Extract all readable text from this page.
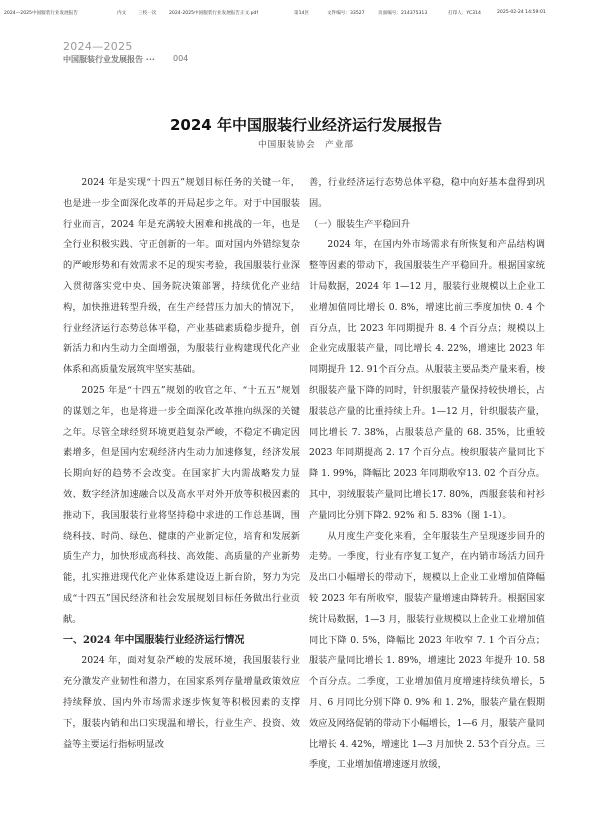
2024—2025中国服装行业发展报告	内文	三校一次	2024-2025中国服装行业发展报告正文.pdf	第14区	文件编号：33527	页面编号：214375313	打印人：YC314	2025-02-24 14:59:01
2024—2025
中国服装行业发展报告 ··· 004
2024 年中国服装行业经济运行发展报告
中国服装协会　产业部

2024 年是实现“十四五”规划目标任务的关键一年，也是进一步全面深化改革的开局起步之年。对于中国服装行业而言，2024 年是充满较大困难和挑战的一年，也是全行业积极实践、守正创新的一年。面对国内外错综复杂的严峻形势和有效需求不足的现实考验，我国服装行业深入贯彻落实党中央、国务院决策部署，持续优化产业结构，加快推进转型升级，在生产经营压力加大的情况下，行业经济运行态势总体平稳，产业基础素质稳步提升，创新活力和内生动力全面增强，为服装行业构建现代化产业体系和高质量发展筑牢坚实基础。

2025 年是“十四五”规划的收官之年、“十五五”规划的谋划之年，也是将进一步全面深化改革推向纵深的关键之年。尽管全球经贸环境更趋复杂严峻，不稳定不确定因素增多，但是国内宏观经济内生动力加速修复，经济发展长期向好的趋势不会改变。在国家扩大内需战略发力显效、数字经济加速融合以及高水平对外开放等积极因素的推动下，我国服装行业将坚持稳中求进的工作总基调，围绕科技、时尚、绿色、健康的产业新定位，培育和发展新质生产力，加快形成高科技、高效能、高质量的产业新势能，扎实推进现代化产业体系建设迈上新台阶，努力为完成“十四五”国民经济和社会发展规划目标任务做出行业贡献。

一、2024 年中国服装行业经济运行情况

2024 年，面对复杂严峻的发展环境，我国服装行业充分激发产业韧性和潜力，在国家系列存量增量政策效应持续释放、国内外市场需求逐步恢复等积极因素的支撑下，服装内销和出口实现温和增长，行业生产、投资、效益等主要运行指标明显改

善，行业经济运行态势总体平稳，稳中向好基本盘得到巩固。

（一）服装生产平稳回升

2024 年，在国内外市场需求有所恢复和产品结构调整等因素的带动下，我国服装生产平稳回升。根据国家统计局数据，2024 年 1—12 月，服装行业规模以上企业工业增加值同比增长 0. 8%，增速比前三季度加快 0. 4 个百分点，比 2023 年同期提升 8. 4 个百分点；规模以上企业完成服装产量，同比增长 4. 22%，增速比 2023 年同期提升 12. 91个百分点。从服装主要品类产量来看，梭织服装产量下降的同时，针织服装产量保持较快增长，占服装总产量的比重持续上升。1—12 月，针织服装产量，同比增长 7. 38%，占服装总产量的 68. 35%，比重较 2023 年同期提高 2. 17 个百分点。梭织服装产量同比下降 1. 99%，降幅比 2023 年同期收窄13. 02 个百分点。其中，羽绒服装产量同比增长17. 80%，西服套装和衬衫产量同比分别下降2. 92% 和 5. 83%（图 1-1）。

从月度生产变化来看，全年服装生产呈现逐步回升的走势。一季度，行业有序复工复产，在内销市场活力回升及出口小幅增长的带动下，规模以上企业工业增加值降幅较 2023 年有所收窄，服装产量增速由降转升。根据国家统计局数据，1—3 月，服装行业规模以上企业工业增加值同比下降 0. 5%，降幅比 2023 年收窄 7. 1 个百分点；服装产量同比增长 1. 89%，增速比 2023 年提升 10. 58 个百分点。二季度，工业增加值月度增速持续负增长，5 月、6 月同比分别下降 0. 9% 和 1. 2%，服装产量在假期效应及网络促销的带动下小幅增长，1—6 月，服装产量同比增长 4. 42%，增速比 1—3 月加快 2. 53个百分点。三季度，工业增加值增速逐月放缓，
